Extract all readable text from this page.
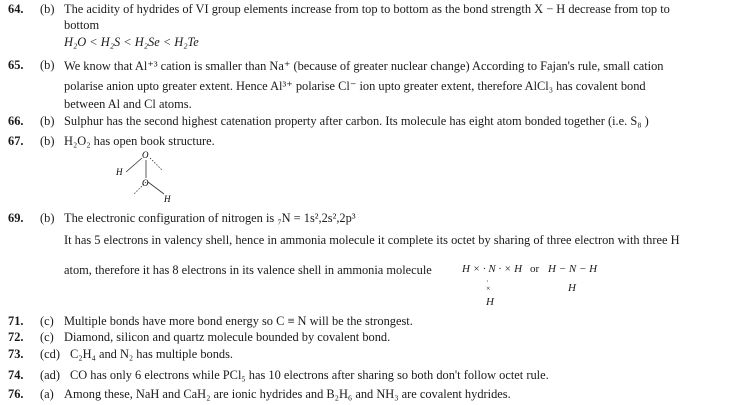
64. (b) The acidity of hydrides of VI group elements increase from top to bottom as the bond strength X − H decrease from top to
bottom
H₂O < H₂S < H₂Se < H₂Te
65. (b) We know that Al⁺³ cation is smaller than Na⁺ (because of greater nuclear change) According to Fajan's rule, small cation
polarise anion upto greater extent. Hence Al³⁺ polarise Cl⁻ ion upto greater extent, therefore AlCl₃ has covalent bond
between Al and Cl atoms.
66. (b) Sulphur has the second highest catenation property after carbon. Its molecule has eight atom bonded together (i.e. S₈ )
67. (b) H₂O₂ has open book structure.
H
O
O
H
69. (b) The electronic configuration of nitrogen is ₇N = 1s²,2s²,2p³
It has 5 electrons in valency shell, hence in ammonia molecule it complete its octet by sharing of three electron with three H
atom, therefore it has 8 electrons in its valence shell in ammonia molecule	H × · N · × H or H − N − H
H
·
×
H
71. (c) Multiple bonds have more bond energy so C ≡ N will be the strongest.
72. (c) Diamond, silicon and quartz molecule bounded by covalent bond.
73. (cd) C₂H₄ and N₂ has multiple bonds.
74. (ad) CO has only 6 electrons while PCl₅ has 10 electrons after sharing so both don't follow octet rule.
76. (a) Among these, NaH and CaH₂ are ionic hydrides and B₂H₆ and NH₃ are covalent hydrides.
